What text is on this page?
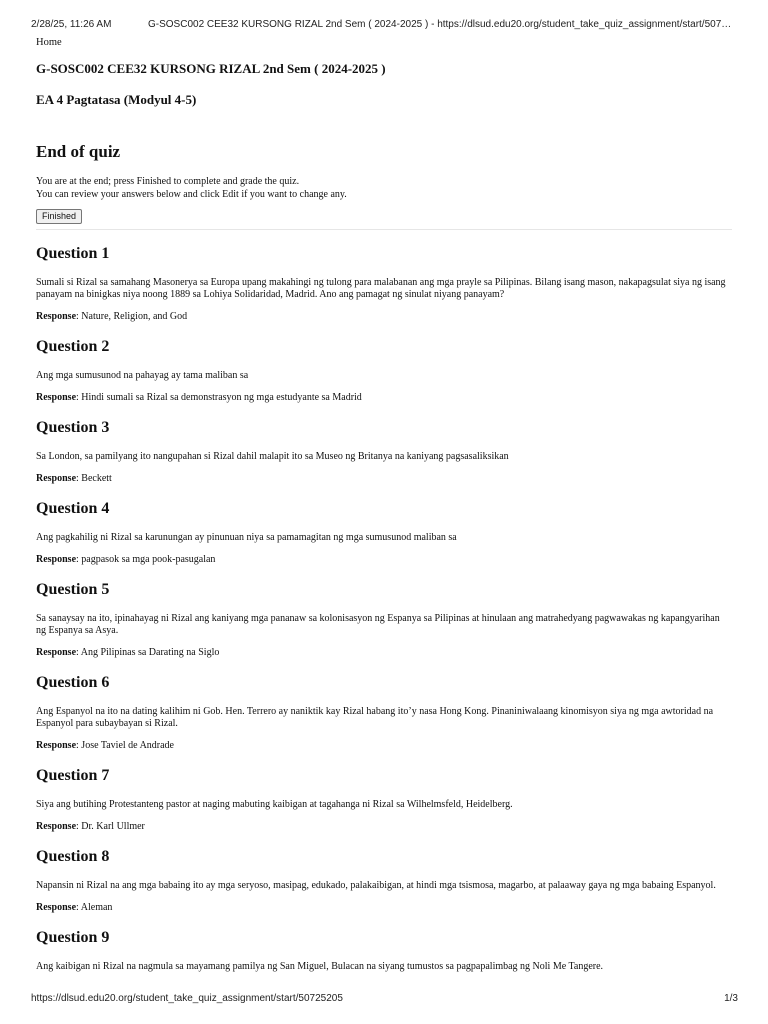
2/28/25, 11:26 AM	G-SOSC002 CEE32 KURSONG RIZAL 2nd Sem ( 2024-2025 ) - https://dlsud.edu20.org/student_take_quiz_assignment/start/507…

Home

G-SOSC002 CEE32 KURSONG RIZAL 2nd Sem ( 2024-2025 )
EA 4 Pagtatasa (Modyul 4-5)
End of quiz
You are at the end; press Finished to complete and grade the quiz.
You can review your answers below and click Edit if you want to change any.
Finished
Question 1

Sumali si Rizal sa samahang Masonerya sa Europa upang makahingi ng tulong para malabanan ang mga prayle sa Pilipinas. Bilang isang mason, nakapagsulat siya ng isang panayam na binigkas niya noong 1889 sa Lohiya Solidaridad, Madrid. Ano ang pamagat ng sinulat niyang panayam?

Response: Nature, Religion, and God

Question 2

Ang mga sumusunod na pahayag ay tama maliban sa

Response: Hindi sumali sa Rizal sa demonstrasyon ng mga estudyante sa Madrid

Question 3

Sa London, sa pamilyang ito nangupahan si Rizal dahil malapit ito sa Museo ng Britanya na kaniyang pagsasaliksikan

Response: Beckett

Question 4

Ang pagkahilig ni Rizal sa karunungan ay pinunuan niya sa pamamagitan ng mga sumusunod maliban sa

Response: pagpasok sa mga pook-pasugalan

Question 5

Sa sanaysay na ito, ipinahayag ni Rizal ang kaniyang mga pananaw sa kolonisasyon ng Espanya sa Pilipinas at hinulaan ang matrahedyang pagwawakas ng kapangyarihan ng Espanya sa Asya.

Response: Ang Pilipinas sa Darating na Siglo

Question 6

Ang Espanyol na ito na dating kalihim ni Gob. Hen. Terrero ay naniktik kay Rizal habang ito’y nasa Hong Kong. Pinaniniwalaang kinomisyon siya ng mga awtoridad na Espanyol para subaybayan si Rizal.

Response: Jose Taviel de Andrade

Question 7

Siya ang butihing Protestanteng pastor at naging mabuting kaibigan at tagahanga ni Rizal sa Wilhelmsfeld, Heidelberg.

Response: Dr. Karl Ullmer

Question 8

Napansin ni Rizal na ang mga babaing ito ay mga seryoso, masipag, edukado, palakaibigan, at hindi mga tsismosa, magarbo, at palaaway gaya ng mga babaing Espanyol.

Response: Aleman

Question 9

Ang kaibigan ni Rizal na nagmula sa mayamang pamilya ng San Miguel, Bulacan na siyang tumustos sa pagpapalimbag ng Noli Me Tangere.

https://dlsud.edu20.org/student_take_quiz_assignment/start/50725205	1/3
